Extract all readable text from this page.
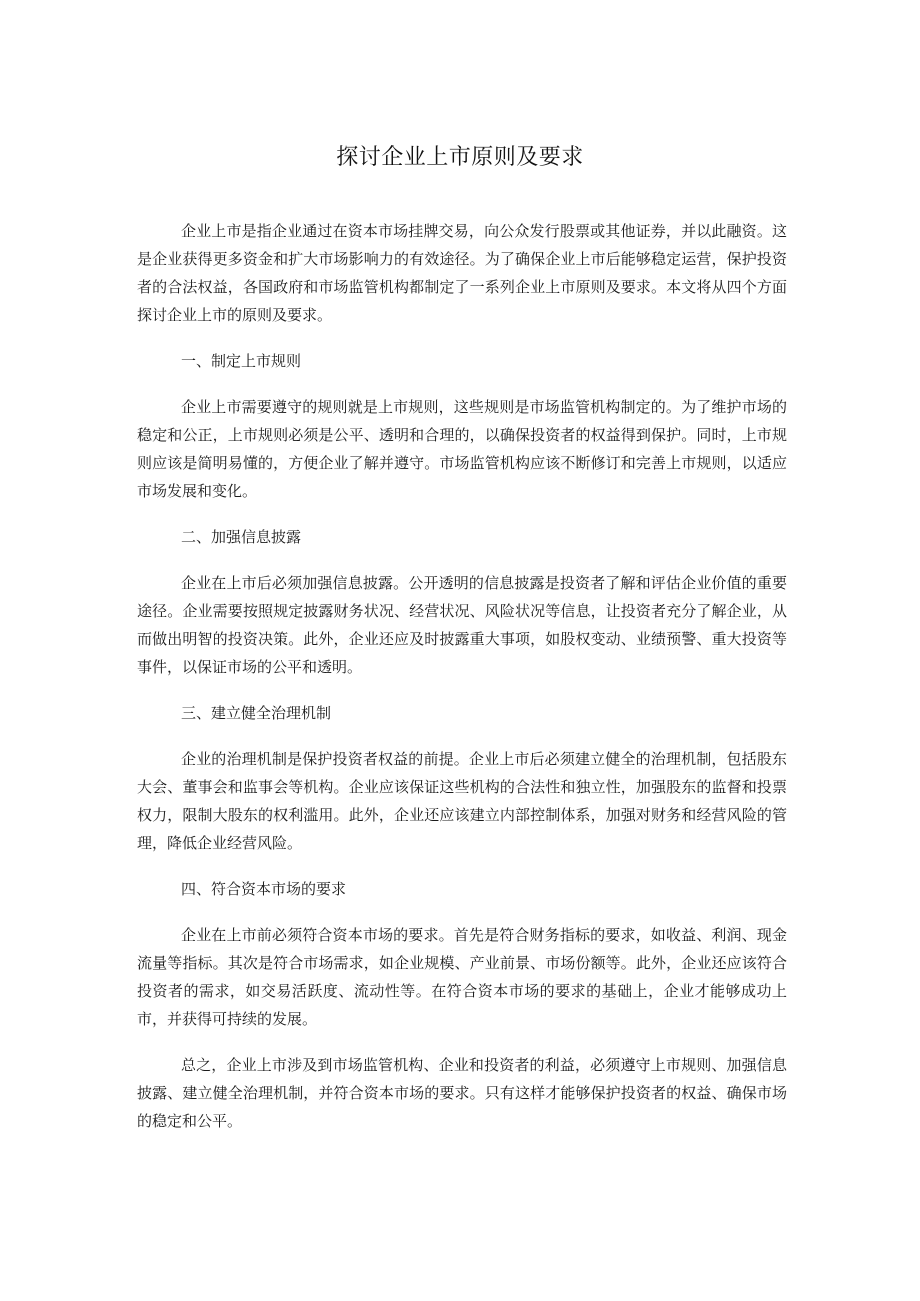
探讨企业上市原则及要求

企业上市是指企业通过在资本市场挂牌交易，向公众发行股票或其他证券，并以此融资。这是企业获得更多资金和扩大市场影响力的有效途径。为了确保企业上市后能够稳定运营，保护投资者的合法权益，各国政府和市场监管机构都制定了一系列企业上市原则及要求。本文将从四个方面探讨企业上市的原则及要求。

一、制定上市规则

企业上市需要遵守的规则就是上市规则，这些规则是市场监管机构制定的。为了维护市场的稳定和公正，上市规则必须是公平、透明和合理的，以确保投资者的权益得到保护。同时，上市规则应该是简明易懂的，方便企业了解并遵守。市场监管机构应该不断修订和完善上市规则，以适应市场发展和变化。

二、加强信息披露

企业在上市后必须加强信息披露。公开透明的信息披露是投资者了解和评估企业价值的重要途径。企业需要按照规定披露财务状况、经营状况、风险状况等信息，让投资者充分了解企业，从而做出明智的投资决策。此外，企业还应及时披露重大事项，如股权变动、业绩预警、重大投资等事件，以保证市场的公平和透明。

三、建立健全治理机制

企业的治理机制是保护投资者权益的前提。企业上市后必须建立健全的治理机制，包括股东大会、董事会和监事会等机构。企业应该保证这些机构的合法性和独立性，加强股东的监督和投票权力，限制大股东的权利滥用。此外，企业还应该建立内部控制体系，加强对财务和经营风险的管理，降低企业经营风险。

四、符合资本市场的要求

企业在上市前必须符合资本市场的要求。首先是符合财务指标的要求，如收益、利润、现金流量等指标。其次是符合市场需求，如企业规模、产业前景、市场份额等。此外，企业还应该符合投资者的需求，如交易活跃度、流动性等。在符合资本市场的要求的基础上，企业才能够成功上市，并获得可持续的发展。

总之，企业上市涉及到市场监管机构、企业和投资者的利益，必须遵守上市规则、加强信息披露、建立健全治理机制，并符合资本市场的要求。只有这样才能够保护投资者的权益、确保市场的稳定和公平。
